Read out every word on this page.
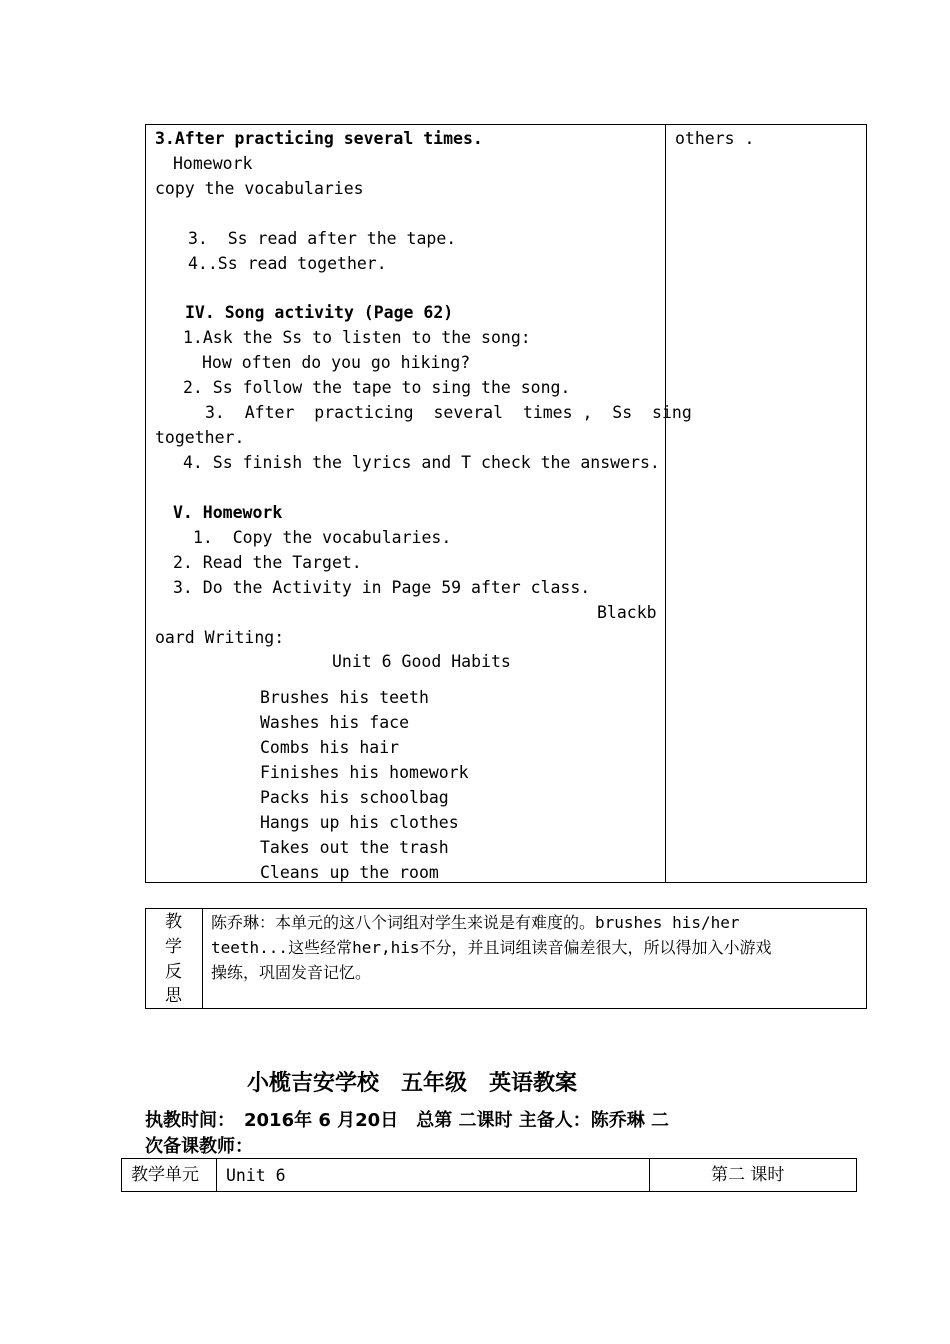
3.After practicing several times.
Homework
copy the vocabularies
3.  Ss read after the tape.
4..Ss read together.
IV. Song activity (Page 62)
1.Ask the Ss to listen to the song:
How often do you go hiking?
2. Ss follow the tape to sing the song.
3.  After  practicing  several  times ,  Ss  sing
together.
4. Ss finish the lyrics and T check the answers.
V. Homework
1.  Copy the vocabularies.
2. Read the Target.
3. Do the Activity in Page 59 after class.
Blackb
oard Writing:
Unit 6 Good Habits
Brushes his teeth
Washes his face
Combs his hair
Finishes his homework
Packs his schoolbag
Hangs up his clothes
Takes out the trash
Cleans up the room
others .
教
学
反
思
陈乔琳：本单元的这八个词组对学生来说是有难度的。brushes his/her
teeth...这些经常her,his不分，并且词组读音偏差很大，所以得加入小游戏
操练，巩固发音记忆。
小榄吉安学校　五年级　英语教案
执教时间：　2016年 6 月20日　总第 二课时 主备人：陈乔琳 二
次备课教师：
教学单元 Unit 6	第二 课时
